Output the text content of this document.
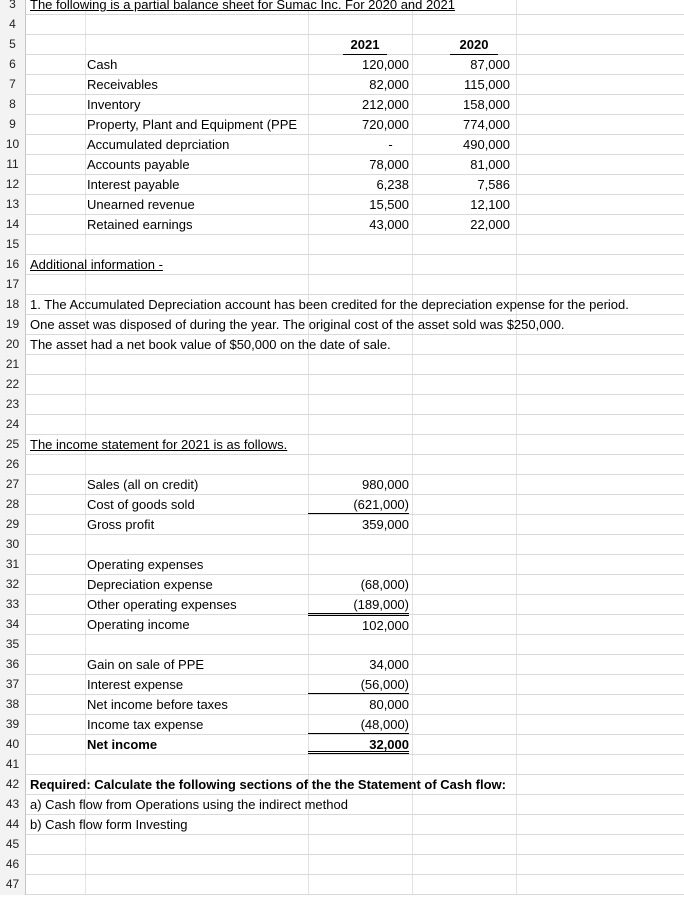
3
4
5
6
7
8
9
10
11
12
13
14
15
16
17
18
19
20
21
22
23
24
25
26
27
28
29
30
31
32
33
34
35
36
37
38
39
40
41
42
43
44
45
46
47
The following is a partial balance sheet for Sumac Inc. For 2020 and 2021
2021	2020
Cash	120,000	87,000
Receivables	82,000	115,000
Inventory	212,000	158,000
Property, Plant and Equipment (PPE	720,000	774,000
Accumulated deprciation	-	490,000
Accounts payable	78,000	81,000
Interest payable	6,238	7,586
Unearned revenue	15,500	12,100
Retained earnings	43,000	22,000
Additional information -
1. The Accumulated Depreciation account has been credited for the depreciation expense for the period.
One asset was disposed of during the year. The original cost of the asset sold was $250,000.
The asset had a net book value of $50,000 on the date of sale.
The income statement for 2021 is as follows.
Sales (all on credit)	980,000
Cost of goods sold	(621,000)
Gross profit	359,000
Operating expenses
Depreciation expense	(68,000)
Other operating expenses	(189,000)
Operating income	102,000
Gain on sale of PPE	34,000
Interest expense	(56,000)
Net income before taxes	80,000
Income tax expense	(48,000)
Net income	32,000
Required: Calculate the following sections of the the Statement of Cash flow:
a) Cash flow from Operations using the indirect method
b) Cash flow form Investing
